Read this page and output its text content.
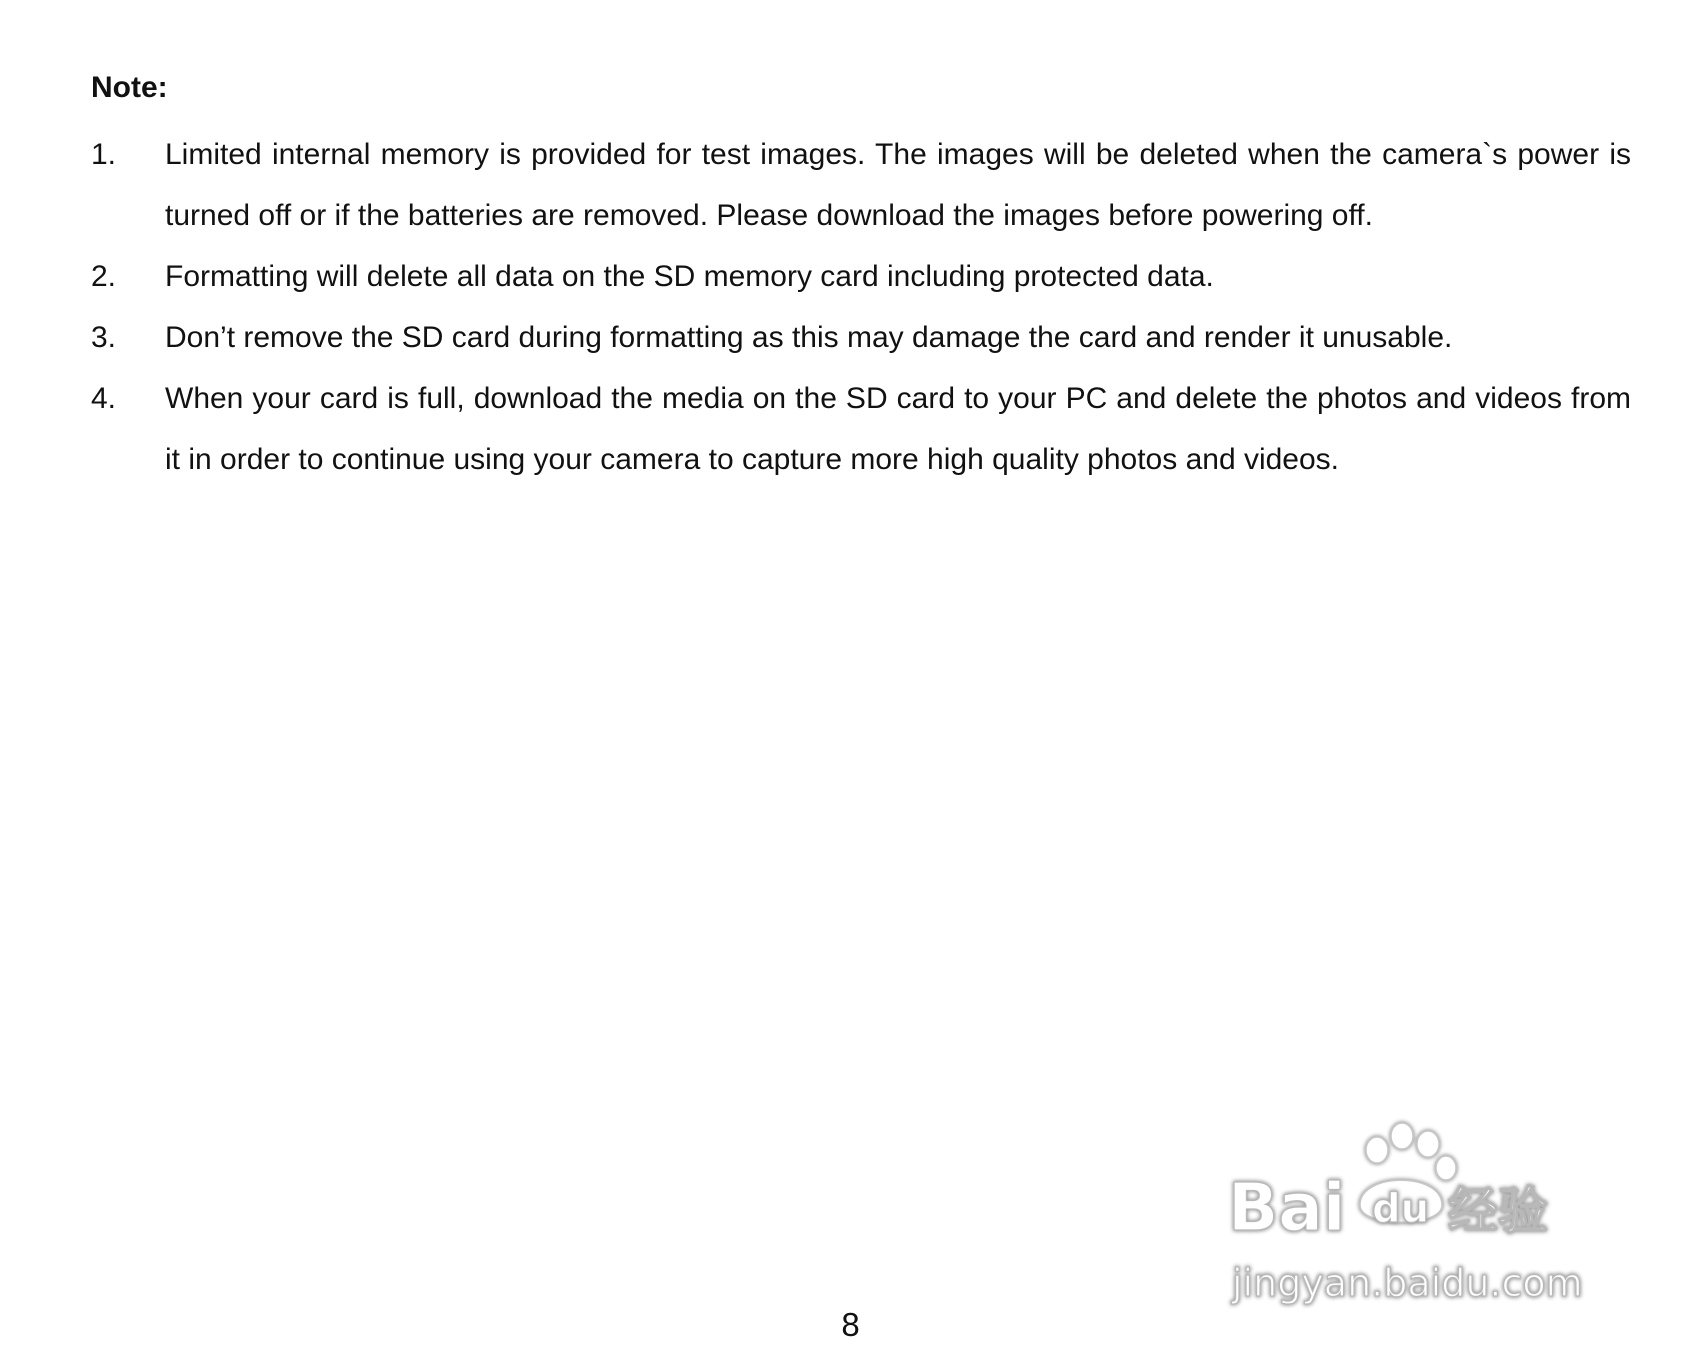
Note:
1.	Limited internal memory is provided for test images. The images will be deleted when the camera`s power is turned off or if the batteries are removed. Please download the images before powering off.
2.	Formatting will delete all data on the SD memory card including protected data.
3.	Don’t remove the SD card during formatting as this may damage the card and render it unusable.
4.	When your card is full, download the media on the SD card to your PC and delete the photos and videos from it in order to continue using your camera to capture more high quality photos and videos.
Bai du 经验
jingyan.baidu.com
8
